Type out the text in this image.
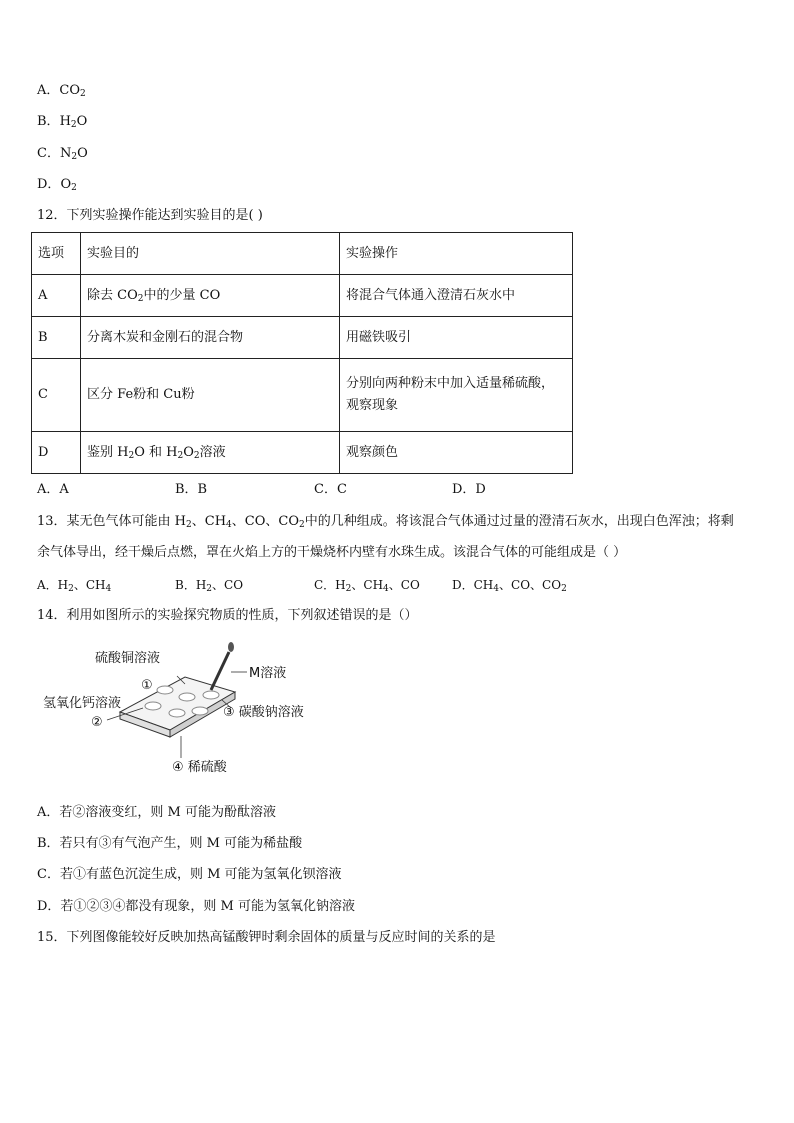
A．$CO_2$
B．$H_2O$
C．$N_2O$
D．$O_2$
12．下列实验操作能达到实验目的是( )
选项	实验目的	实验操作
A	除去 $CO_2$中的少量 CO	将混合气体通入澄清石灰水中
B	分离木炭和金刚石的混合物	用磁铁吸引
C	区分 Fe粉和 Cu粉	分别向两种粉末中加入适量稀硫酸，
观察现象

D	鉴别 $H_2O$ 和 $H_2O_2$溶液	观察颜色
A．A	B．B	C．C	D．D
13．某无色气体可能由 $H_2$、$CH_4$、CO、$CO_2$中的几种组成。将该混合气体通过过量的澄清石灰水，出现白色浑浊；将剩
余气体导出，经干燥后点燃，罩在火焰上方的干燥烧杯内壁有水珠生成。该混合气体的可能组成是（ ）
A．$H_2$、$CH_4$	B．$H_2$、CO	C．$H_2$、$CH_4$、CO	D．$CH_4$、CO、$CO_2$
14．利用如图所示的实验探究物质的性质，下列叙述错误的是（）
硫酸铜溶液
①
M溶液
氢氧化钙溶液
②
③ 碳酸钠溶液
④ 稀硫酸
A．若②溶液变红，则 M 可能为酚酞溶液
B．若只有③有气泡产生，则 M 可能为稀盐酸
C．若①有蓝色沉淀生成，则 M 可能为氢氧化钡溶液
D．若①②③④都没有现象，则 M 可能为氢氧化钠溶液
15．下列图像能较好反映加热高锰酸钾时剩余固体的质量与反应时间的关系的是
